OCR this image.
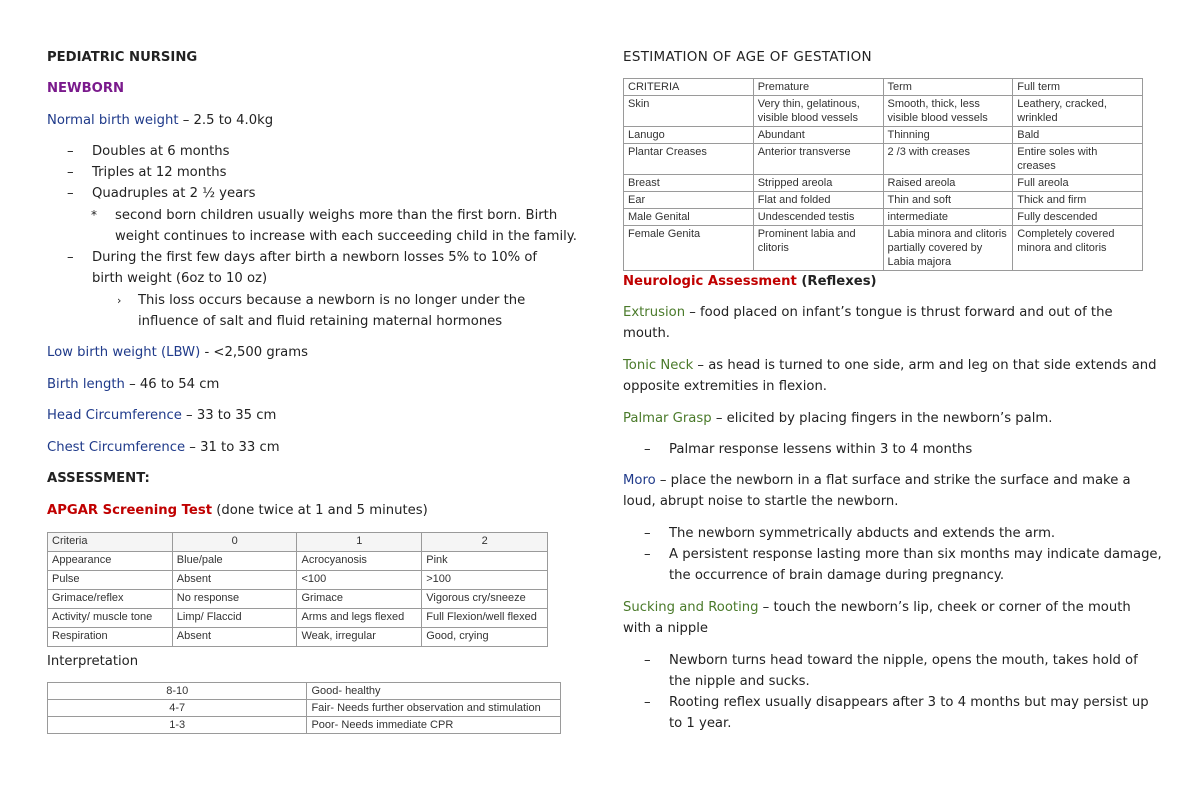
PEDIATRIC NURSING
NEWBORN
Normal birth weight – 2.5 to 4.0kg
– Doubles at 6 months
– Triples at 12 months
– Quadruples at 2 ½ years
* second born children usually weighs more than the first born. Birth
weight continues to increase with each succeeding child in the family.
– During the first few days after birth a newborn losses 5% to 10% of
birth weight (6oz to 10 oz)
› This loss occurs because a newborn is no longer under the
influence of salt and fluid retaining maternal hormones
Low birth weight (LBW) - <2,500 grams
Birth length – 46 to 54 cm
Head Circumference – 33 to 35 cm
Chest Circumference – 31 to 33 cm
ASSESSMENT:
APGAR Screening Test (done twice at 1 and 5 minutes)
Criteria	0	1	2
Appearance	Blue/pale	Acrocyanosis	Pink
Pulse	Absent	<100	>100
Grimace/reflex	No response	Grimace	Vigorous cry/sneeze
Activity/ muscle tone	Limp/ Flaccid	Arms and legs flexed	Full Flexion/well flexed
Respiration	Absent	Weak, irregular	Good, crying
Interpretation
8-10	Good- healthy
4-7	Fair- Needs further observation and stimulation
1-3	Poor- Needs immediate CPR
ESTIMATION OF AGE OF GESTATION
CRITERIA	Premature	Term	Full term
Skin	Very thin, gelatinous, visible blood vessels	Smooth, thick, less visible blood vessels	Leathery, cracked, wrinkled
Lanugo	Abundant	Thinning	Bald
Plantar Creases	Anterior transverse	2 /3 with creases	Entire soles with creases
Breast	Stripped areola	Raised areola	Full areola
Ear	Flat and folded	Thin and soft	Thick and firm
Male Genital	Undescended testis	intermediate	Fully descended
Female Genita	Prominent labia and clitoris	Labia minora and clitoris partially covered by Labia majora	Completely covered minora and clitoris
Neurologic Assessment (Reflexes)
Extrusion – food placed on infant’s tongue is thrust forward and out of the
mouth.
Tonic Neck – as head is turned to one side, arm and leg on that side extends and
opposite extremities in flexion.
Palmar Grasp – elicited by placing fingers in the newborn’s palm.
– Palmar response lessens within 3 to 4 months
Moro – place the newborn in a flat surface and strike the surface and make a
loud, abrupt noise to startle the newborn.
– The newborn symmetrically abducts and extends the arm.
– A persistent response lasting more than six months may indicate damage,
the occurrence of brain damage during pregnancy.
Sucking and Rooting – touch the newborn’s lip, cheek or corner of the mouth
with a nipple
– Newborn turns head toward the nipple, opens the mouth, takes hold of
the nipple and sucks.
– Rooting reflex usually disappears after 3 to 4 months but may persist up
to 1 year.
